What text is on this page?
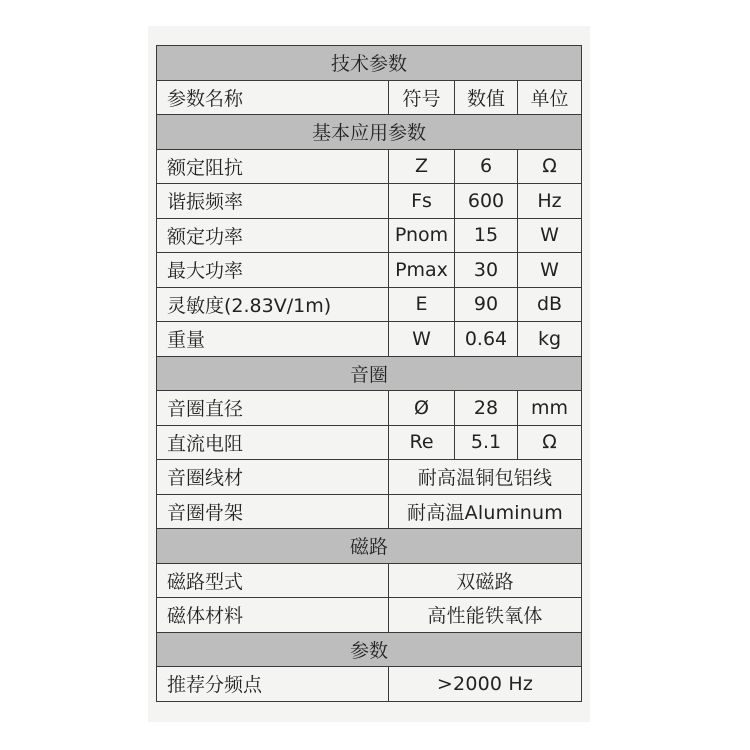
技术参数			
参数名称	符号	数值	单位
基本应用参数			
额定阻抗	Z	6	Ω
谐振频率	Fs	600	Hz
额定功率	Pnom	15	W
最大功率	Pmax	30	W
灵敏度(2.83V/1m)	E	90	dB
重量	W	0.64	kg
音圈			
音圈直径	Ø	28	mm
直流电阻	Re	5.1	Ω
音圈线材	耐高温铜包铝线		
音圈骨架	耐高温Aluminum		
磁路			
磁路型式	双磁路		
磁体材料	高性能铁氧体		
参数			
推荐分频点	>2000 Hz		
